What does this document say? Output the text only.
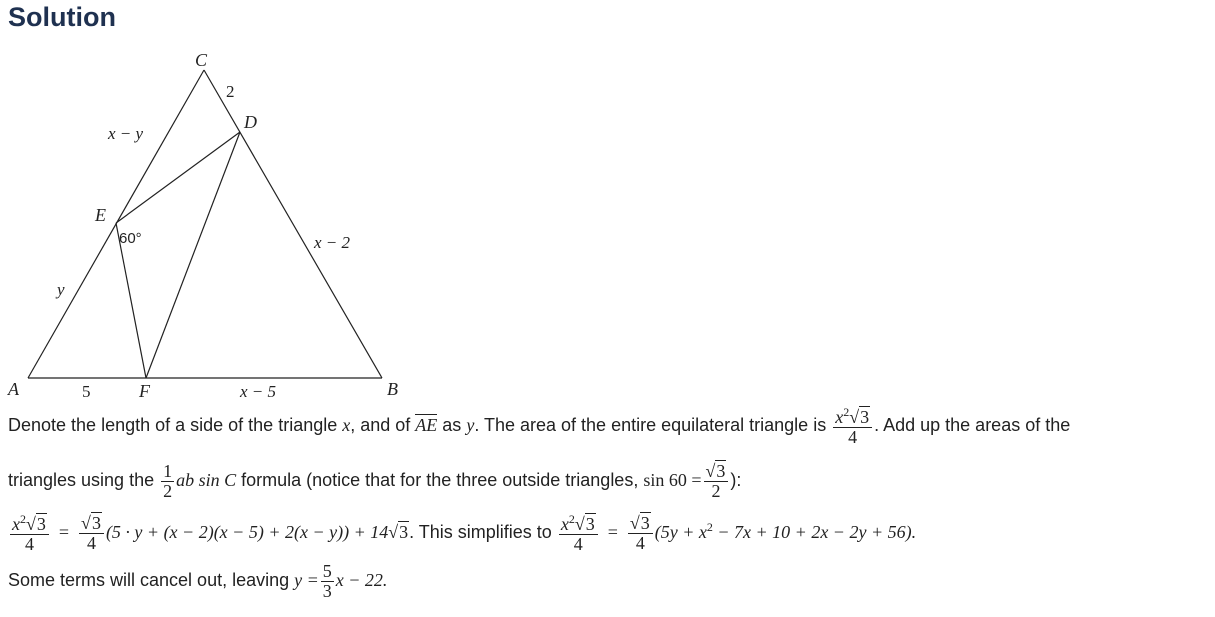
Solution
A	B
C
D
E
F
2
x − y
x − 2
y
5	x − 5
60°
Denote the length of a side of the triangle x, and of AE as y. The area of the entire equilateral triangle is $\frac{x^2√3}{4}$ . Add up the areas of the
triangles using the $\frac{1}{2}$ ab sin C formula (notice that for the three outside triangles, $\sin 60 = \frac{√3}{2}$ ):
$\frac{x^2√3}{4} = \frac{√3}{4} (5 \cdot y + (x - 2)(x - 5) + 2(x - y)) + 14√3$. This simplifies to $\frac{x^2√3}{4} = \frac{√3}{4} (5y + x^2 - 7x + 10 + 2x - 2y + 56)$.
Some terms will cancel out, leaving $y = \frac{5}{3}$ x − 22.
